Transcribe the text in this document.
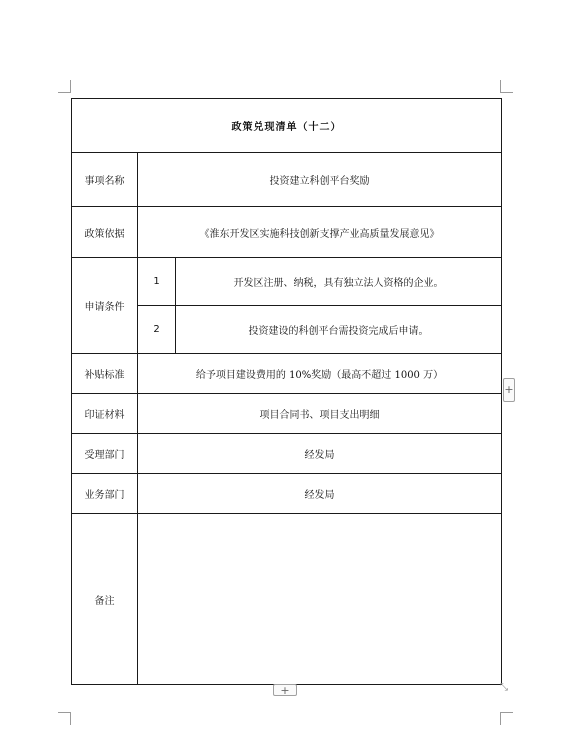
政策兑现清单（十二）		
事项名称	投资建立科创平台奖励	
政策依据	《淮东开发区实施科技创新支撑产业高质量发展意见》	
申请条件	1	开发区注册、纳税，具有独立法人资格的企业。
	2	投资建设的科创平台需投资完成后申请。
补贴标准	给予项目建设费用的 10%奖励（最高不超过 1000 万）	
印证材料	项目合同书、项目支出明细	
受理部门	经发局	
业务部门	经发局	
备注		
+
+	⤡
